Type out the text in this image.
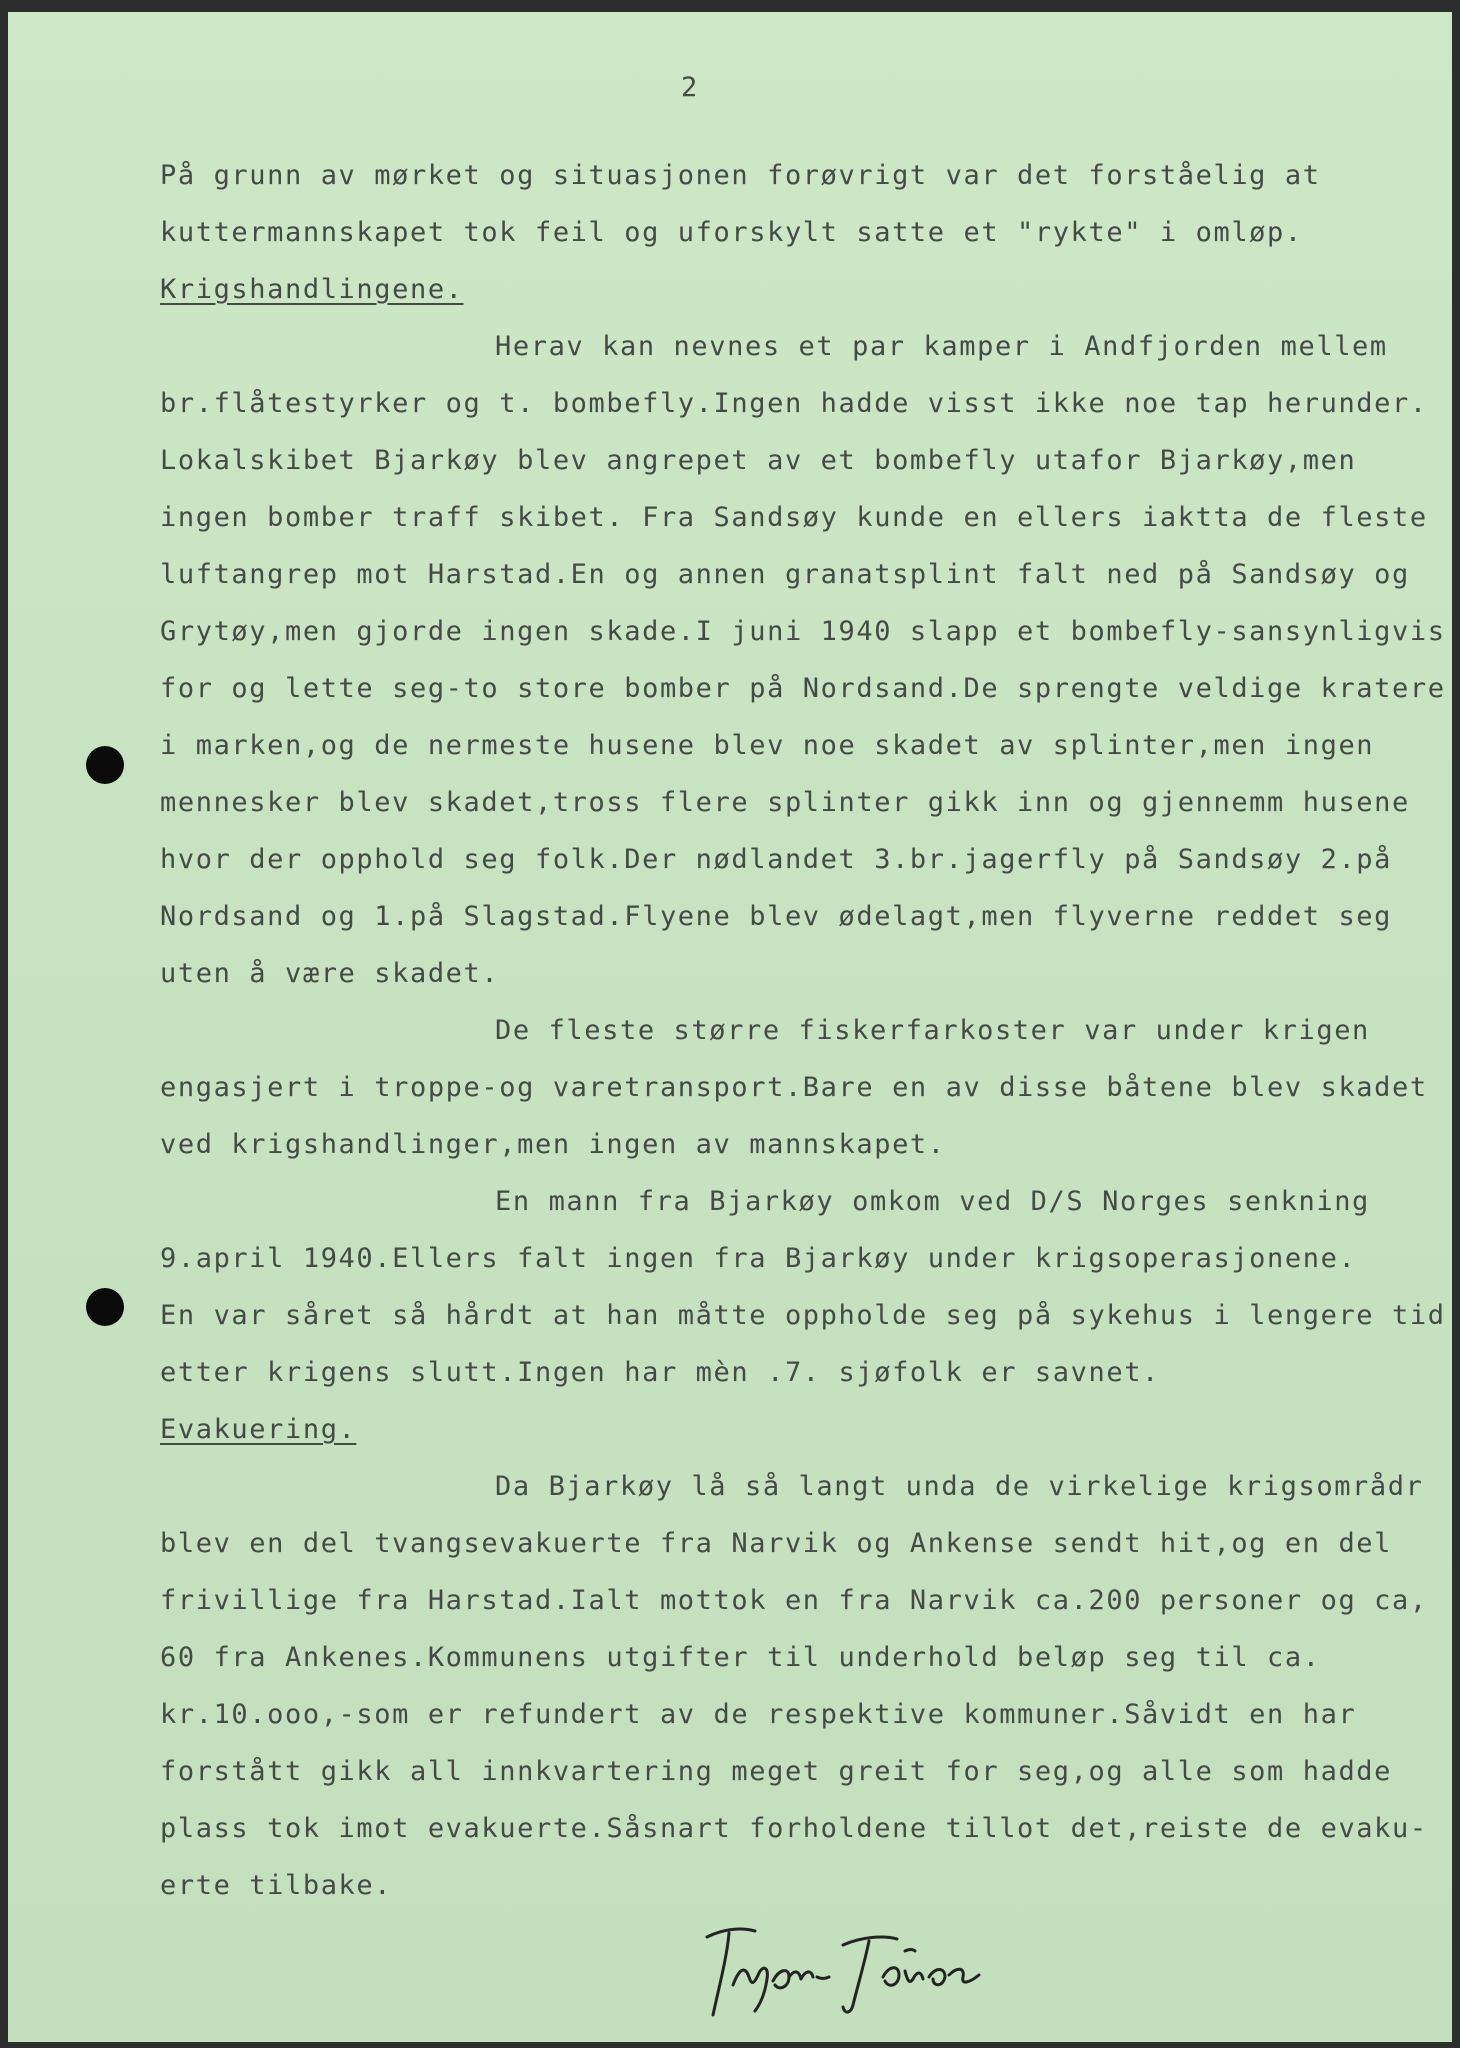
2
På grunn av mørket og situasjonen forøvrigt var det forståelig at
kuttermannskapet tok feil og uforskylt satte et "rykte" i omløp.
Krigshandlingene.
Herav kan nevnes et par kamper i Andfjorden mellem
br.flåtestyrker og t. bombefly.Ingen hadde visst ikke noe tap herunder.
Lokalskibet Bjarkøy blev angrepet av et bombefly utafor Bjarkøy,men
ingen bomber traff skibet. Fra Sandsøy kunde en ellers iaktta de fleste
luftangrep mot Harstad.En og annen granatsplint falt ned på Sandsøy og
Grytøy,men gjorde ingen skade.I juni 1940 slapp et bombefly-sansynligvis
for og lette seg-to store bomber på Nordsand.De sprengte veldige kratere
i marken,og de nermeste husene blev noe skadet av splinter,men ingen
mennesker blev skadet,tross flere splinter gikk inn og gjennemm husene
hvor der opphold seg folk.Der nødlandet 3.br.jagerfly på Sandsøy 2.på
Nordsand og 1.på Slagstad.Flyene blev ødelagt,men flyverne reddet seg
uten å være skadet.
De fleste større fiskerfarkoster var under krigen
engasjert i troppe-og varetransport.Bare en av disse båtene blev skadet
ved krigshandlinger,men ingen av mannskapet.
En mann fra Bjarkøy omkom ved D/S Norges senkning
9.april 1940.Ellers falt ingen fra Bjarkøy under krigsoperasjonene.
En var såret så hårdt at han måtte oppholde seg på sykehus i lengere tid
etter krigens slutt.Ingen har mèn .7. sjøfolk er savnet.
Evakuering.
Da Bjarkøy lå så langt unda de virkelige krigsområdr
blev en del tvangsevakuerte fra Narvik og Ankense sendt hit,og en del
frivillige fra Harstad.Ialt mottok en fra Narvik ca.200 personer og ca,
60 fra Ankenes.Kommunens utgifter til underhold beløp seg til ca.
kr.10.ooo,-som er refundert av de respektive kommuner.Såvidt en har
forstått gikk all innkvartering meget greit for seg,og alle som hadde
plass tok imot evakuerte.Såsnart forholdene tillot det,reiste de evaku-
erte tilbake.
